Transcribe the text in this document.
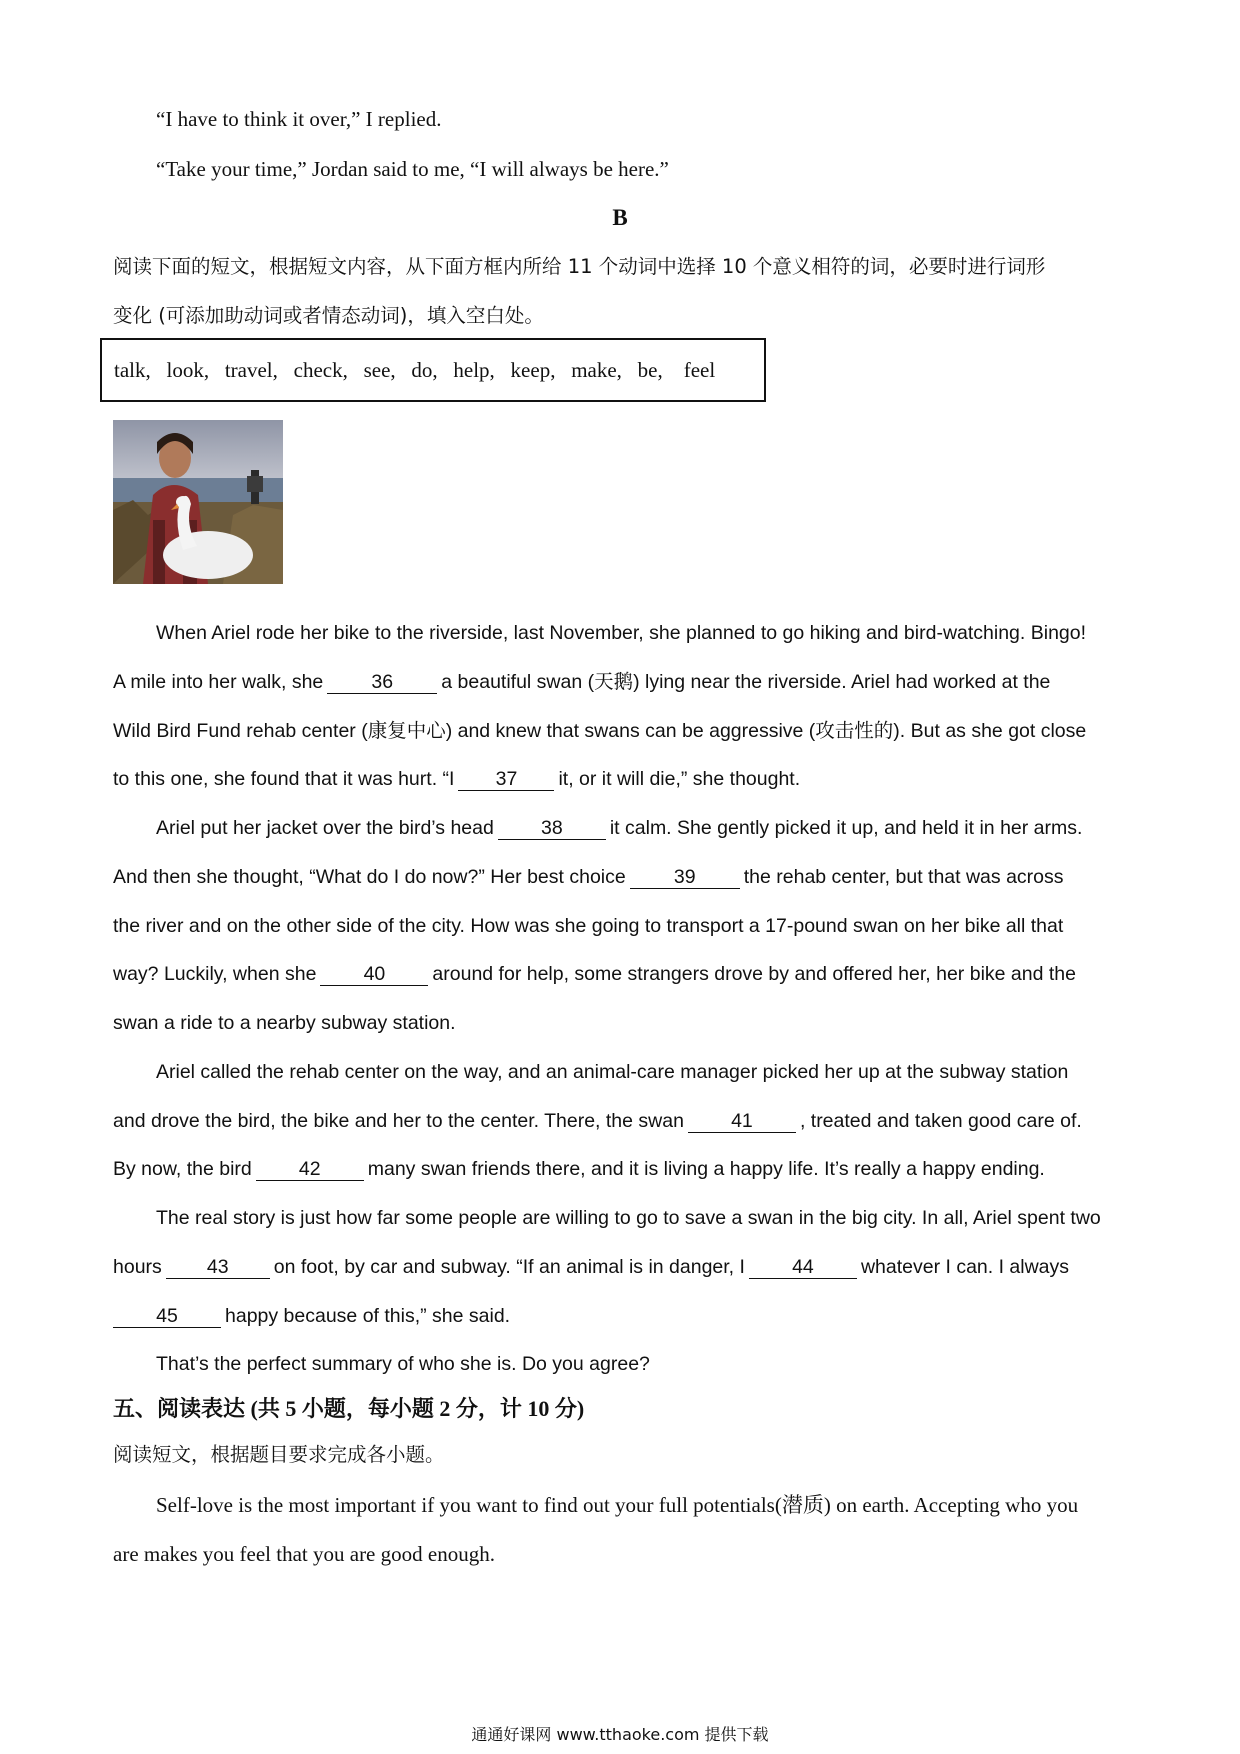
“I have to think it over,” I replied.
“Take your time,” Jordan said to me, “I will always be here.”
B
阅读下面的短文，根据短文内容，从下面方框内所给 11 个动词中选择 10 个意义相符的词，必要时进行词形
变化 (可添加助动词或者情态动词)，填入空白处。
talk,   look,   travel,   check,   see,   do,   help,   keep,   make,   be,    feel
When Ariel rode her bike to the riverside, last November, she planned to go hiking and bird-watching. Bingo!
A mile into her walk, she 36 a beautiful swan (天鹅) lying near the riverside. Ariel had worked at the
Wild Bird Fund rehab center (康复中心) and knew that swans can be aggressive (攻击性的). But as she got close
to this one, she found that it was hurt. “I 37 it, or it will die,” she thought.
Ariel put her jacket over the bird’s head 38 it calm. She gently picked it up, and held it in her arms.
And then she thought, “What do I do now?” Her best choice 39 the rehab center, but that was across
the river and on the other side of the city. How was she going to transport a 17-pound swan on her bike all that
way? Luckily, when she 40 around for help, some strangers drove by and offered her, her bike and the
swan a ride to a nearby subway station.
Ariel called the rehab center on the way, and an animal-care manager picked her up at the subway station
and drove the bird, the bike and her to the center. There, the swan 41 , treated and taken good care of.
By now, the bird 42 many swan friends there, and it is living a happy life. It’s really a happy ending.
The real story is just how far some people are willing to go to save a swan in the big city. In all, Ariel spent two
hours 43 on foot, by car and subway. “If an animal is in danger, I 44 whatever I can. I always
45 happy because of this,” she said.
That’s the perfect summary of who she is. Do you agree?
五、阅读表达 (共 5 小题，每小题 2 分，计 10 分)
阅读短文，根据题目要求完成各小题。
Self-love is the most important if you want to find out your full potentials(潜质) on earth. Accepting who you
are makes you feel that you are good enough.
通通好课网 www.tthaoke.com 提供下载
